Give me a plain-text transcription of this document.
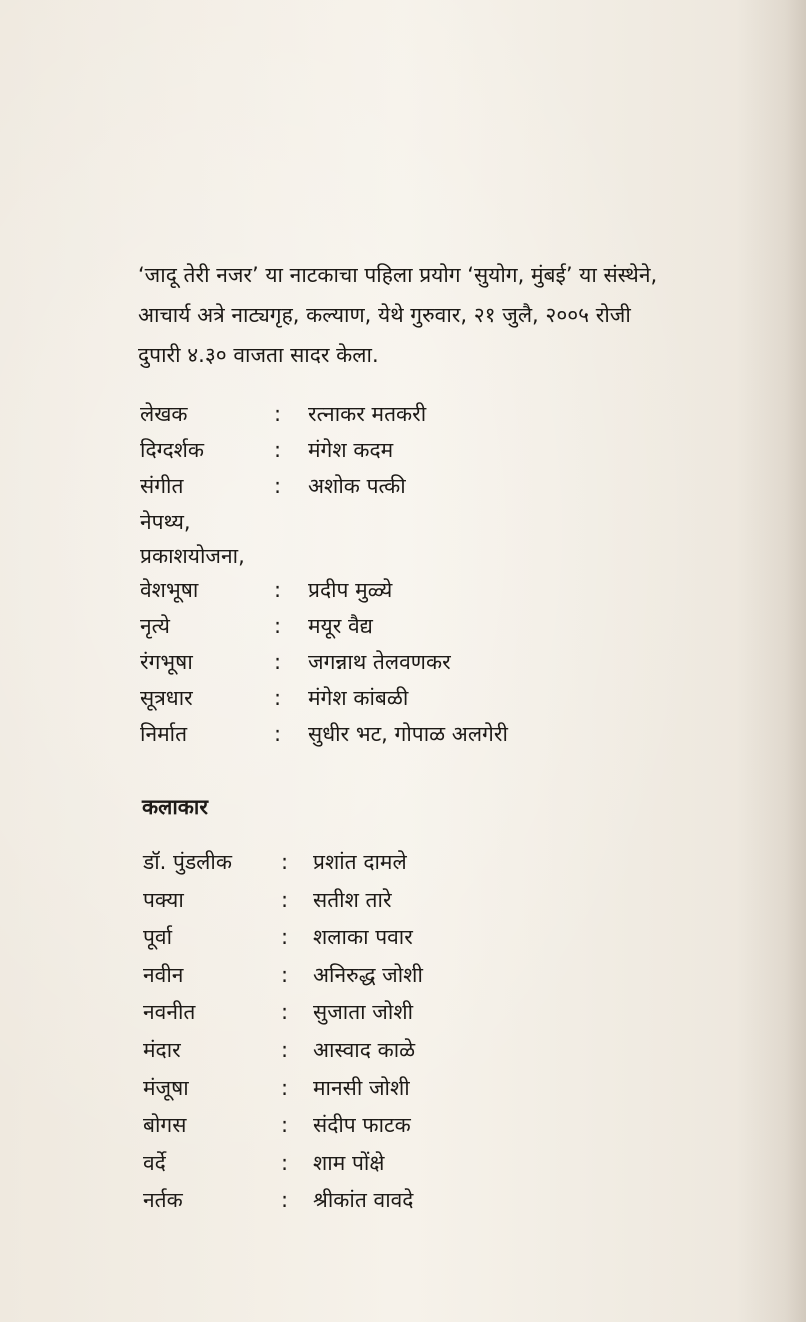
‘जादू तेरी नजर’ या नाटकाचा पहिला प्रयोग ‘सुयोग, मुंबई’ या संस्थेने,

आचार्य अत्रे नाट्यगृह, कल्याण, येथे गुरुवार, २१ जुलै, २००५ रोजी

दुपारी ४.३० वाजता सादर केला.

लेखक	: रत्नाकर मतकरी
दिग्दर्शक	: मंगेश कदम
संगीत	: अशोक पत्की
नेपथ्य,
प्रकाशयोजना,
वेशभूषा	: प्रदीप मुळ्ये
नृत्ये	: मयूर वैद्य
रंगभूषा	: जगन्नाथ तेलवणकर
सूत्रधार	: मंगेश कांबळी
निर्मात	: सुधीर भट, गोपाळ अलगेरी
कलाकार
डॉ. पुंडलीक : प्रशांत दामले
पक्या	: सतीश तारे
पूर्वा	: शलाका पवार
नवीन	: अनिरुद्ध जोशी
नवनीत	: सुजाता जोशी
मंदार	: आस्वाद काळे
मंजूषा	: मानसी जोशी
बोगस	: संदीप फाटक
वर्दे	: शाम पोंक्षे
नर्तक	: श्रीकांत वावदे
